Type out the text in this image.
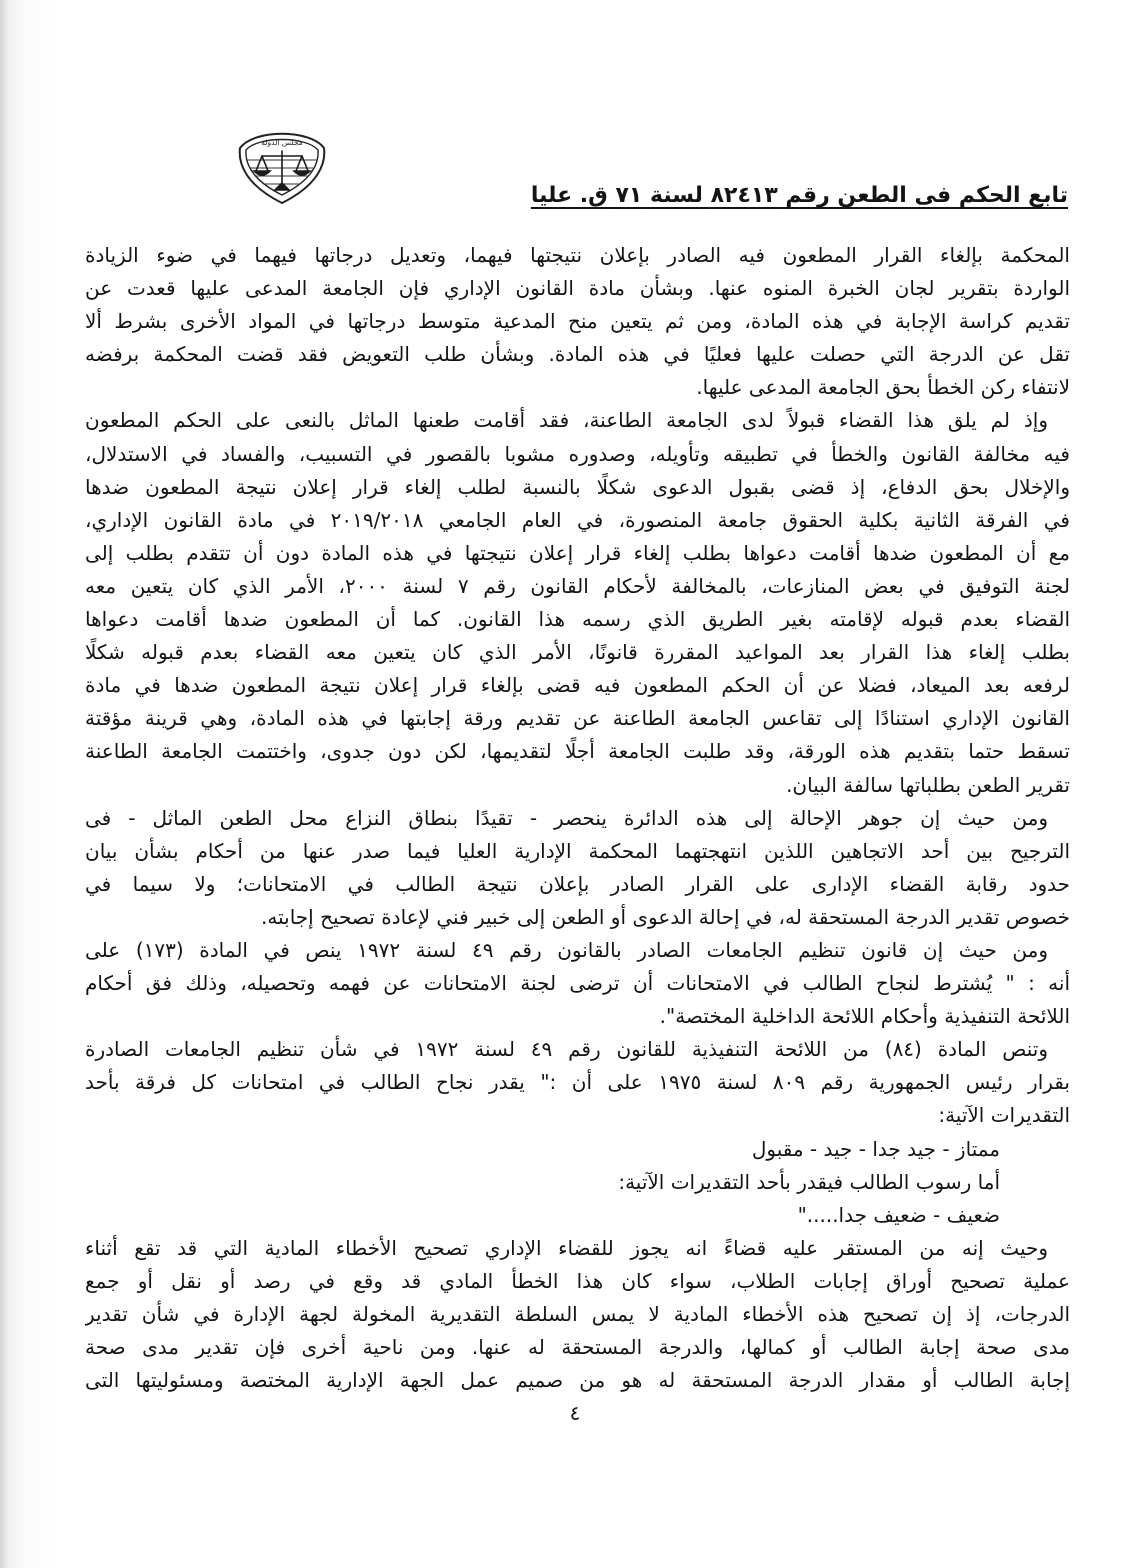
مجلس الدولة
تابع الحكم فى الطعن رقم ٨٢٤١٣ لسنة ٧١ ق. عليا
المحكمة بإلغاء القرار المطعون فيه الصادر بإعلان نتيجتها فيهما، وتعديل درجاتها فيهما في ضوء الزيادة
الواردة بتقرير لجان الخبرة المنوه عنها. وبشأن مادة القانون الإداري فإن الجامعة المدعى عليها قعدت عن
تقديم كراسة الإجابة في هذه المادة، ومن ثم يتعين منح المدعية متوسط درجاتها في المواد الأخرى بشرط ألا
تقل عن الدرجة التي حصلت عليها فعليًا في هذه المادة. وبشأن طلب التعويض فقد قضت المحكمة برفضه
لانتفاء ركن الخطأ بحق الجامعة المدعى عليها.
وإذ لم يلق هذا القضاء قبولاً لدى الجامعة الطاعنة، فقد أقامت طعنها الماثل بالنعى على الحكم المطعون
فيه مخالفة القانون والخطأ في تطبيقه وتأويله، وصدوره مشوبا بالقصور في التسبيب، والفساد في الاستدلال،
والإخلال بحق الدفاع، إذ قضى بقبول الدعوى شكلًا بالنسبة لطلب إلغاء قرار إعلان نتيجة المطعون ضدها
في الفرقة الثانية بكلية الحقوق جامعة المنصورة، في العام الجامعي ٢٠١٩/٢٠١٨ في مادة القانون الإداري،
مع أن المطعون ضدها أقامت دعواها بطلب إلغاء قرار إعلان نتيجتها في هذه المادة دون أن تتقدم بطلب إلى
لجنة التوفيق في بعض المنازعات، بالمخالفة لأحكام القانون رقم ٧ لسنة ٢٠٠٠، الأمر الذي كان يتعين معه
القضاء بعدم قبوله لإقامته بغير الطريق الذي رسمه هذا القانون. كما أن المطعون ضدها أقامت دعواها
بطلب إلغاء هذا القرار بعد المواعيد المقررة قانونًا، الأمر الذي كان يتعين معه القضاء بعدم قبوله شكلًا
لرفعه بعد الميعاد، فضلا عن أن الحكم المطعون فيه قضى بإلغاء قرار إعلان نتيجة المطعون ضدها في مادة
القانون الإداري استنادًا إلى تقاعس الجامعة الطاعنة عن تقديم ورقة إجابتها في هذه المادة، وهي قرينة مؤقتة
تسقط حتما بتقديم هذه الورقة، وقد طلبت الجامعة أجلًا لتقديمها، لكن دون جدوى، واختتمت الجامعة الطاعنة
تقرير الطعن بطلباتها سالفة البيان.
ومن حيث إن جوهر الإحالة إلى هذه الدائرة ينحصر - تقيدًا بنطاق النزاع محل الطعن الماثل - فى
الترجيح بين أحد الاتجاهين اللذين انتهجتهما المحكمة الإدارية العليا فيما صدر عنها من أحكام بشأن بيان
حدود رقابة القضاء الإدارى على القرار الصادر بإعلان نتيجة الطالب في الامتحانات؛ ولا سيما في
خصوص تقدير الدرجة المستحقة له، في إحالة الدعوى أو الطعن إلى خبير فني لإعادة تصحيح إجابته.
ومن حيث إن قانون تنظيم الجامعات الصادر بالقانون رقم ٤٩ لسنة ١٩٧٢ ينص في المادة (١٧٣) على
أنه : " يُشترط لنجاح الطالب في الامتحانات أن ترضى لجنة الامتحانات عن فهمه وتحصيله، وذلك فق أحكام
اللائحة التنفيذية وأحكام اللائحة الداخلية المختصة".
وتنص المادة (٨٤) من اللائحة التنفيذية للقانون رقم ٤٩ لسنة ١٩٧٢ في شأن تنظيم الجامعات الصادرة
بقرار رئيس الجمهورية رقم ٨٠٩ لسنة ١٩٧٥ على أن :" يقدر نجاح الطالب في امتحانات كل فرقة بأحد
التقديرات الآتية:
ممتاز - جيد جدا - جيد - مقبول
أما رسوب الطالب فيقدر بأحد التقديرات الآتية:
ضعيف - ضعيف جدا....."
وحيث إنه من المستقر عليه قضاءً انه يجوز للقضاء الإداري تصحيح الأخطاء المادية التي قد تقع أثناء
عملية تصحيح أوراق إجابات الطلاب، سواء كان هذا الخطأ المادي قد وقع في رصد أو نقل أو جمع
الدرجات، إذ إن تصحيح هذه الأخطاء المادية لا يمس السلطة التقديرية المخولة لجهة الإدارة في شأن تقدير
مدى صحة إجابة الطالب أو كمالها، والدرجة المستحقة له عنها. ومن ناحية أخرى فإن تقدير مدى صحة
إجابة الطالب أو مقدار الدرجة المستحقة له هو من صميم عمل الجهة الإدارية المختصة ومسئوليتها التى
٤
